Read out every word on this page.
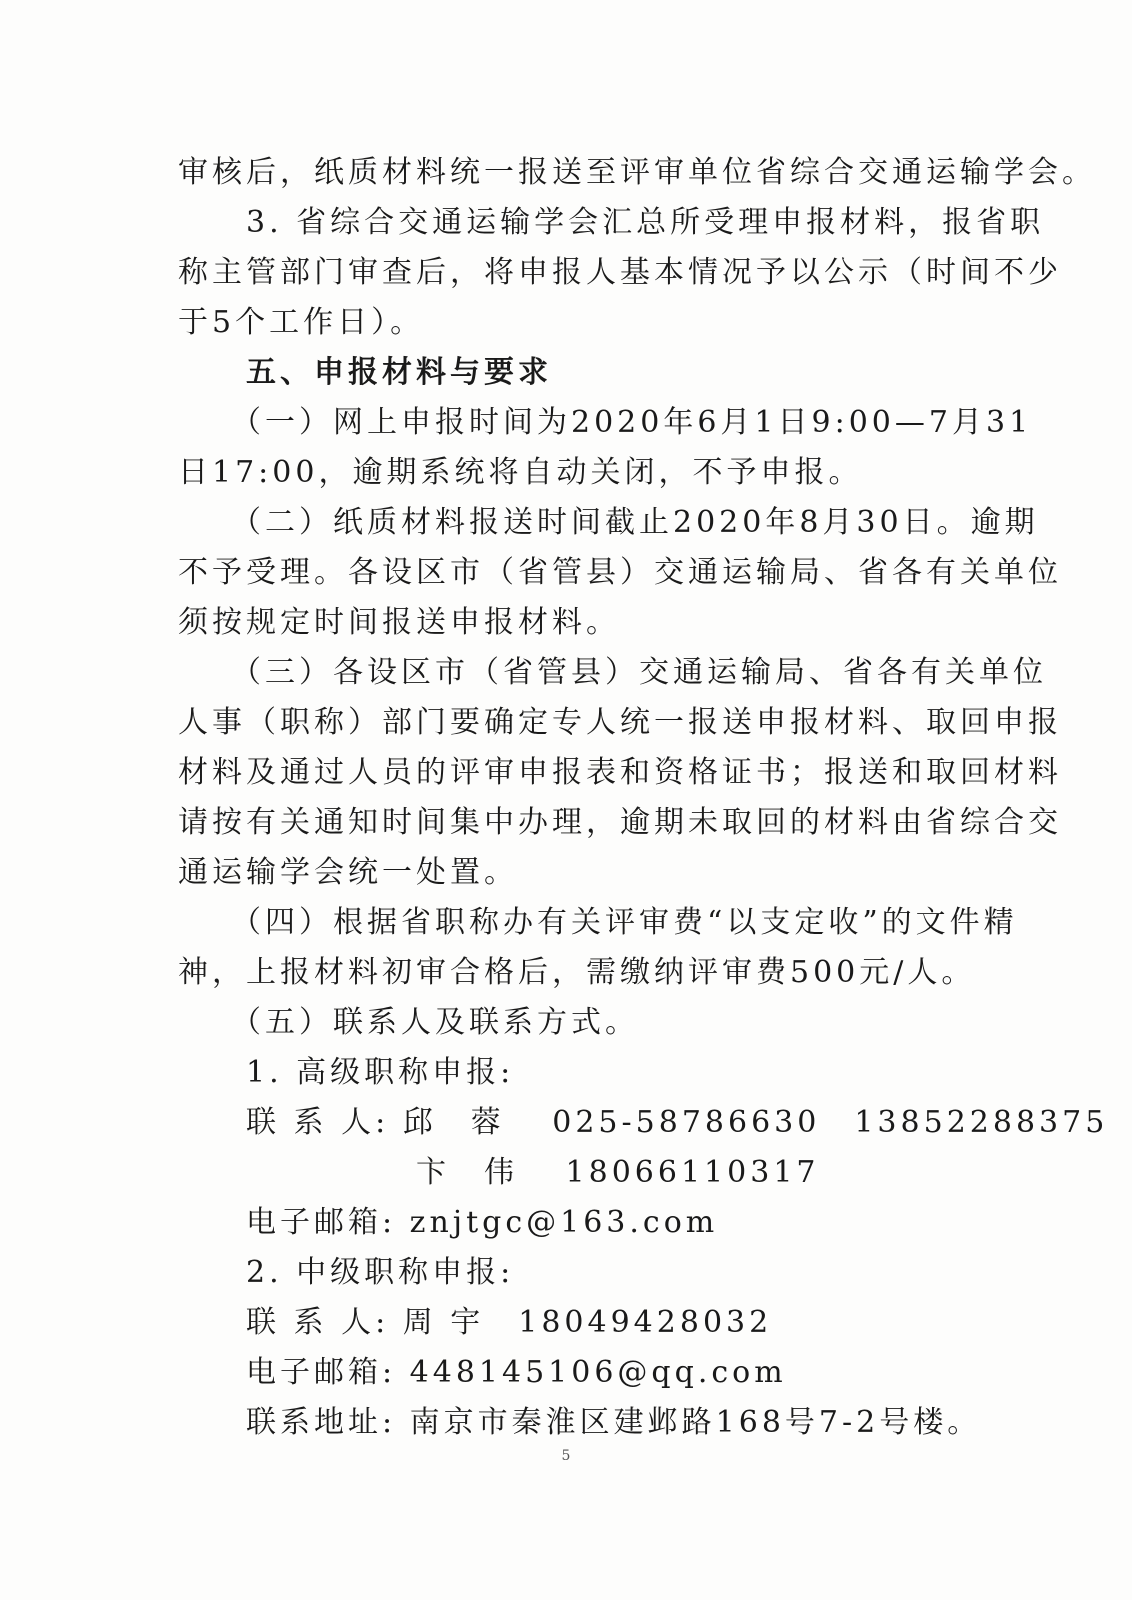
审核后，纸质材料统一报送至评审单位省综合交通运输学会。
　　3. 省综合交通运输学会汇总所受理申报材料，报省职
称主管部门审查后，将申报人基本情况予以公示（时间不少
于5个工作日）。
　　五、申报材料与要求
　　（一）网上申报时间为2020年6月1日9:00—7月31
日17:00，逾期系统将自动关闭，不予申报。
　　（二）纸质材料报送时间截止2020年8月30日。逾期
不予受理。各设区市（省管县）交通运输局、省各有关单位
须按规定时间报送申报材料。
　　（三）各设区市（省管县）交通运输局、省各有关单位
人事（职称）部门要确定专人统一报送申报材料、取回申报
材料及通过人员的评审申报表和资格证书；报送和取回材料
请按有关通知时间集中办理，逾期未取回的材料由省综合交
通运输学会统一处置。
　　（四）根据省职称办有关评审费“以支定收”的文件精
神，上报材料初审合格后，需缴纳评审费500元/人。
　　（五）联系人及联系方式。
　　1. 高级职称申报:
　　联 系 人: 邱　蓉　 025-58786630　13852288375
　　　　　　　卞　伟　 18066110317
　　电子邮箱: znjtgc@163.com
　　2. 中级职称申报:
　　联 系 人: 周 宇　18049428032
　　电子邮箱: 448145106@qq.com
　　联系地址: 南京市秦淮区建邺路168号7-2号楼。
5
